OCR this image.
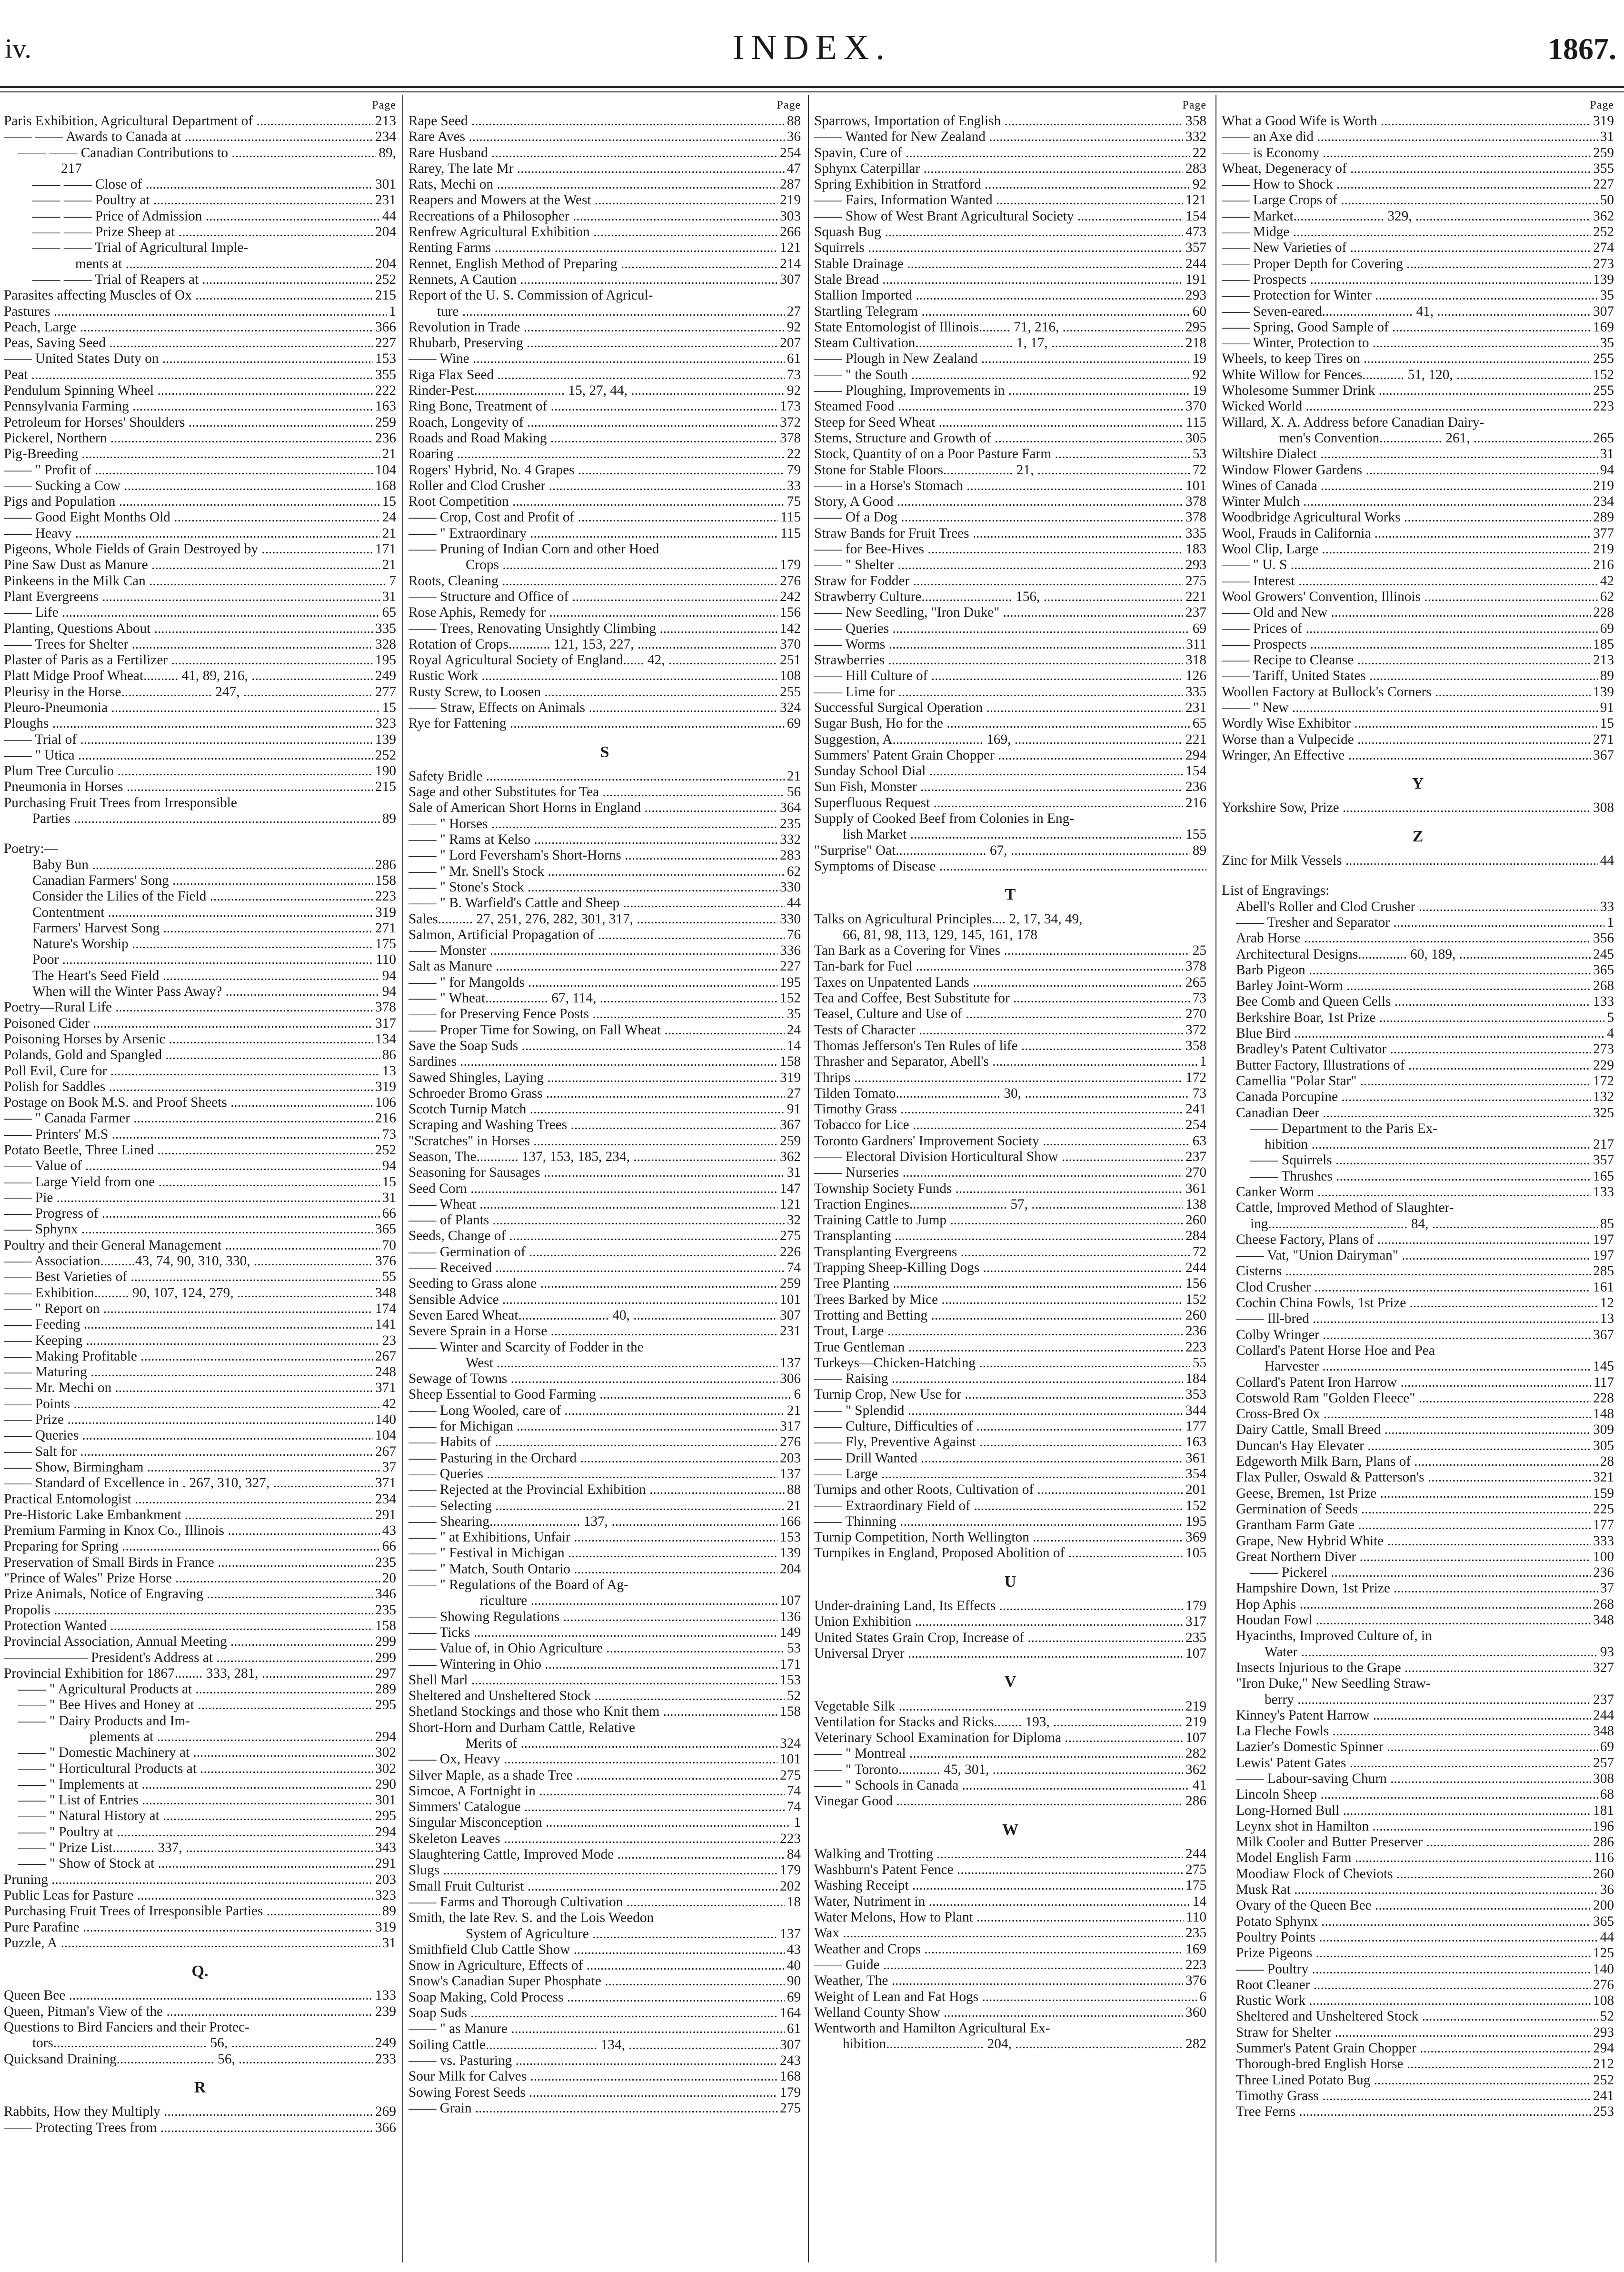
iv.	INDEX.	1867.
Page
Paris Exhibition, Agricultural Department of	213
.....
—— —— Awards to Canada at	234
.....
—— —— Canadian Contributions to	89,
.....
217
—— —— Close of	301
.....
—— —— Poultry at	231
.....
—— —— Price of Admission	44
.....
—— —— Prize Sheep at	204
.....
—— —— Trial of Agricultural Imple-
ments at	204
.....
—— —— Trial of Reapers at	252
.....
Parasites affecting Muscles of Ox	215
.....
Pastures	1
.....
Peach, Large	366
.....
Peas, Saving Seed	227
.....
—— United States Duty on	153
.....
Peat	355
.....
Pendulum Spinning Wheel	222
.....
Pennsylvania Farming	163
.....
Petroleum for Horses' Shoulders	259
.....
Pickerel, Northern	236
.....
Pig-Breeding	21
.....
—— " Profit of	104
.....
—— Sucking a Cow	168
.....
Pigs and Population	15
.....
—— Good Eight Months Old	24
.....
—— Heavy	21
.....
Pigeons, Whole Fields of Grain Destroyed by	171
.....
Pine Saw Dust as Manure	21
.....
Pinkeens in the Milk Can	7
.....
Plant Evergreens	31
.....
—— Life	65
.....
Planting, Questions About	335
.....
—— Trees for Shelter	328
.....
Plaster of Paris as a Fertilizer	195
.....
Platt Midge Proof Wheat.......... 41, 89, 216,	249
.....
Pleurisy in the Horse.......................... 247,	277
.....
Pleuro-Pneumonia	15
.....
Ploughs	323
.....
—— Trial of	139
.....
—— " Utica	252
.....
Plum Tree Curculio	190
.....
Pneumonia in Horses	215
.....
Purchasing Fruit Trees from Irresponsible
Parties	89
.....
Poetry:—
Baby Bun	286
.....
Canadian Farmers' Song	158
.....
Consider the Lilies of the Field	223
.....
Contentment	319
.....
Farmers' Harvest Song	271
.....
Nature's Worship	175
.....
Poor	110
.....
The Heart's Seed Field	94
.....
When will the Winter Pass Away?	94
.....
Poetry—Rural Life	378
.....
Poisoned Cider	317
.....
Poisoning Horses by Arsenic	134
.....
Polands, Gold and Spangled	86
.....
Poll Evil, Cure for	13
.....
Polish for Saddles	319
.....
Postage on Book M.S. and Proof Sheets	106
.....
—— " Canada Farmer	216
.....
—— Printers' M.S	73
.....
Potato Beetle, Three Lined	252
.....
—— Value of	94
.....
—— Large Yield from one	15
.....
—— Pie	31
.....
—— Progress of	66
.....
—— Sphynx	365
.....
Poultry and their General Management	70
.....
—— Association..........43, 74, 90, 310, 330,	376
.....
—— Best Varieties of	55
.....
—— Exhibition.......... 90, 107, 124, 279,	348
.....
—— " Report on	174
.....
—— Feeding	141
.....
—— Keeping	23
.....
—— Making Profitable	267
.....
—— Maturing	248
.....
—— Mr. Mechi on	371
.....
—— Points	42
.....
—— Prize	140
.....
—— Queries	104
.....
—— Salt for	267
.....
—— Show, Birmingham	37
.....
—— Standard of Excellence in . 267, 310, 327,	371
.....
Practical Entomologist	234
.....
Pre-Historic Lake Embankment	291
.....
Premium Farming in Knox Co., Illinois	43
.....
Preparing for Spring	66
.....
Preservation of Small Birds in France	235
.....
"Prince of Wales" Prize Horse	20
.....
Prize Animals, Notice of Engraving	346
.....
Propolis	235
.....
Protection Wanted	158
.....
Provincial Association, Annual Meeting	299
.....
—————— President's Address at	299
.....
Provincial Exhibition for 1867........ 333, 281,	297
.....
—— " Agricultural Products at	289
.....
—— " Bee Hives and Honey at	295
.....
—— " Dairy Products and Im-
plements at	294
.....
—— " Domestic Machinery at	302
.....
—— " Horticultural Products at	302
.....
—— " Implements at	290
.....
—— " List of Entries	301
.....
—— " Natural History at	295
.....
—— " Poultry at	294
.....
—— " Prize List............ 337,	343
.....
—— " Show of Stock at	291
.....
Pruning	203
.....
Public Leas for Pasture	323
.....
Purchasing Fruit Trees of Irresponsible Parties	89
.....
Pure Parafine	319
.....
Puzzle, A	31
.....
Q.
Queen Bee	133
.....
Queen, Pitman's View of the	239
.....
Questions to Bird Fanciers and their Protec-
tors............................................ 56,	249
.....
Quicksand Draining............................ 56,	233
.....
R
Rabbits, How they Multiply	269
.....
—— Protecting Trees from	366
.....
Page
Rape Seed	88
.....
Rare Aves	36
.....
Rare Husband	254
.....
Rarey, The late Mr	47
.....
Rats, Mechi on	287
.....
Reapers and Mowers at the West	219
.....
Recreations of a Philosopher	303
.....
Renfrew Agricultural Exhibition	266
.....
Renting Farms	121
.....
Rennet, English Method of Preparing	214
.....
Rennets, A Caution	307
.....
Report of the U. S. Commission of Agricul-
ture	27
.....
Revolution in Trade	92
.....
Rhubarb, Preserving	207
.....
—— Wine	61
.....
Riga Flax Seed	73
.....
Rinder-Pest.......................... 15, 27, 44,	92
.....
Ring Bone, Treatment of	173
.....
Roach, Longevity of	372
.....
Roads and Road Making	378
.....
Roaring	22
.....
Rogers' Hybrid, No. 4 Grapes	79
.....
Roller and Clod Crusher	33
.....
Root Competition	75
.....
—— Crop, Cost and Profit of	115
.....
—— " Extraordinary	115
.....
—— Pruning of Indian Corn and other Hoed
Crops	179
.....
Roots, Cleaning	276
.....
—— Structure and Office of	242
.....
Rose Aphis, Remedy for	156
.....
—— Trees, Renovating Unsightly Climbing	142
.....
Rotation of Crops............ 121, 153, 227,	370
.....
Royal Agricultural Society of England...... 42,	251
.....
Rustic Work	108
.....
Rusty Screw, to Loosen	255
.....
—— Straw, Effects on Animals	324
.....
Rye for Fattening	69
.....
S
Safety Bridle	21
.....
Sage and other Substitutes for Tea	56
.....
Sale of American Short Horns in England	364
.....
—— " Horses	235
.....
—— " Rams at Kelso	332
.....
—— " Lord Feversham's Short-Horns	283
.....
—— " Mr. Snell's Stock	62
.....
—— " Stone's Stock	330
.....
—— " B. Warfield's Cattle and Sheep	44
.....
Sales.......... 27, 251, 276, 282, 301, 317,	330
.....
Salmon, Artificial Propagation of	76
.....
—— Monster	336
.....
Salt as Manure	227
.....
—— " for Mangolds	195
.....
—— " Wheat.................. 67, 114,	152
.....
—— for Preserving Fence Posts	35
.....
—— Proper Time for Sowing, on Fall Wheat	24
.....
Save the Soap Suds	14
.....
Sardines	158
.....
Sawed Shingles, Laying	319
.....
Schroeder Bromo Grass	27
.....
Scotch Turnip Match	91
.....
Scraping and Washing Trees	367
.....
"Scratches" in Horses	259
.....
Season, The............ 137, 153, 185, 234,	362
.....
Seasoning for Sausages	31
.....
Seed Corn	147
.....
—— Wheat	121
.....
—— of Plants	32
.....
Seeds, Change of	275
.....
—— Germination of	226
.....
—— Received	74
.....
Seeding to Grass alone	259
.....
Sensible Advice	101
.....
Seven Eared Wheat.......................... 40,	307
.....
Severe Sprain in a Horse	231
.....
—— Winter and Scarcity of Fodder in the
West	137
.....
Sewage of Towns	306
.....
Sheep Essential to Good Farming	6
.....
—— Long Wooled, care of	21
.....
—— for Michigan	317
.....
—— Habits of	276
.....
—— Pasturing in the Orchard	203
.....
—— Queries	137
.....
—— Rejected at the Provincial Exhibition	88
.....
—— Selecting	21
.....
—— Shearing.......................... 137,	166
.....
—— " at Exhibitions, Unfair	153
.....
—— " Festival in Michigan	139
.....
—— " Match, South Ontario	204
.....
—— " Regulations of the Board of Ag-
riculture	107
.....
—— Showing Regulations	136
.....
—— Ticks	149
.....
—— Value of, in Ohio Agriculture	53
.....
—— Wintering in Ohio	171
.....
Shell Marl	153
.....
Sheltered and Unsheltered Stock	52
.....
Shetland Stockings and those who Knit them	158
.....
Short-Horn and Durham Cattle, Relative
Merits of	324
.....
—— Ox, Heavy	101
.....
Silver Maple, as a shade Tree	275
.....
Simcoe, A Fortnight in	74
.....
Simmers' Catalogue	74
.....
Singular Misconception	1
.....
Skeleton Leaves	223
.....
Slaughtering Cattle, Improved Mode	84
.....
Slugs	179
.....
Small Fruit Culturist	202
.....
—— Farms and Thorough Cultivation	18
.....
Smith, the late Rev. S. and the Lois Weedon
System of Agriculture	137
.....
Smithfield Club Cattle Show	43
.....
Snow in Agriculture, Effects of	40
.....
Snow's Canadian Super Phosphate	90
.....
Soap Making, Cold Process	69
.....
Soap Suds	164
.....
—— " as Manure	61
.....
Soiling Cattle................................ 134,	307
.....
—— vs. Pasturing	243
.....
Sour Milk for Calves	168
.....
Sowing Forest Seeds	179
.....
—— Grain	275
.....
Page
Sparrows, Importation of English	358
.....
—— Wanted for New Zealand	332
.....
Spavin, Cure of	22
.....
Sphynx Caterpillar	283
.....
Spring Exhibition in Stratford	92
.....
—— Fairs, Information Wanted	121
.....
—— Show of West Brant Agricultural Society	154
.....
Squash Bug	473
.....
Squirrels	357
.....
Stable Drainage	244
.....
Stale Bread	191
.....
Stallion Imported	293
.....
Startling Telegram	60
.....
State Entomologist of Illinois......... 71, 216,	295
.....
Steam Cultivation............................ 1, 17,	218
.....
—— Plough in New Zealand	19
.....
—— " the South	92
.....
—— Ploughing, Improvements in	19
.....
Steamed Food	370
.....
Steep for Seed Wheat	115
.....
Stems, Structure and Growth of	305
.....
Stock, Quantity of on a Poor Pasture Farm	53
.....
Stone for Stable Floors.................... 21,	72
.....
—— in a Horse's Stomach	101
.....
Story, A Good	378
.....
—— Of a Dog	378
.....
Straw Bands for Fruit Trees	335
.....
—— for Bee-Hives	183
.....
—— " Shelter	293
.....
Straw for Fodder	275
.....
Strawberry Culture.......................... 156,	221
.....
—— New Seedling, "Iron Duke"	237
.....
—— Queries	69
.....
—— Worms	311
.....
Strawberries	318
.....
—— Hill Culture of	126
.....
—— Lime for	335
.....
Successful Surgical Operation	231
.....
Sugar Bush, Ho for the	65
.....
Suggestion, A.......................... 169,	221
.....
Summers' Patent Grain Chopper	294
.....
Sunday School Dial	154
.....
Sun Fish, Monster	236
.....
Superfluous Request	216
.....
Supply of Cooked Beef from Colonies in Eng-
lish Market	155
.....
"Surprise" Oat.......................... 67,	89
.....
Symptoms of Disease
.....
T
Talks on Agricultural Principles.... 2, 17, 34, 49,
66, 81, 98, 113, 129, 145, 161, 178
Tan Bark as a Covering for Vines	25
.....
Tan-bark for Fuel	378
.....
Taxes on Unpatented Lands	265
.....
Tea and Coffee, Best Substitute for	73
.....
Teasel, Culture and Use of	270
.....
Tests of Character	372
.....
Thomas Jefferson's Ten Rules of life	358
.....
Thrasher and Separator, Abell's	1
.....
Thrips	172
.....
Tilden Tomato.............................. 30,	73
.....
Timothy Grass	241
.....
Tobacco for Lice	254
.....
Toronto Gardners' Improvement Society	63
.....
—— Electoral Division Horticultural Show	237
.....
—— Nurseries	270
.....
Township Society Funds	361
.....
Traction Engines............................ 57,	138
.....
Training Cattle to Jump	260
.....
Transplanting	284
.....
Transplanting Evergreens	72
.....
Trapping Sheep-Killing Dogs	244
.....
Tree Planting	156
.....
Trees Barked by Mice	152
.....
Trotting and Betting	260
.....
Trout, Large	236
.....
True Gentleman	223
.....
Turkeys—Chicken-Hatching	55
.....
—— Raising	184
.....
Turnip Crop, New Use for	353
.....
—— " Splendid	344
.....
—— Culture, Difficulties of	177
.....
—— Fly, Preventive Against	163
.....
—— Drill Wanted	361
.....
—— Large	354
.....
Turnips and other Roots, Cultivation of	201
.....
—— Extraordinary Field of	152
.....
—— Thinning	195
.....
Turnip Competition, North Wellington	369
.....
Turnpikes in England, Proposed Abolition of	105
.....
U
Under-draining Land, Its Effects	179
.....
Union Exhibition	317
.....
United States Grain Crop, Increase of	235
.....
Universal Dryer	107
.....
V
Vegetable Silk	219
.....
Ventilation for Stacks and Ricks........ 193,	219
.....
Veterinary School Examination for Diploma	107
.....
—— " Montreal	282
.....
—— " Toronto............ 45, 301,	362
.....
—— " Schools in Canada	41
.....
Vinegar Good	286
.....
W
Walking and Trotting	244
.....
Washburn's Patent Fence	275
.....
Washing Receipt	175
.....
Water, Nutriment in	14
.....
Water Melons, How to Plant	110
.....
Wax	235
.....
Weather and Crops	169
.....
—— Guide	223
.....
Weather, The	376
.....
Weight of Lean and Fat Hogs	6
.....
Welland County Show	360
.....
Wentworth and Hamilton Agricultural Ex-
hibition............................ 204,	282
.....
Page
What a Good Wife is Worth	319
.....
—— an Axe did	31
.....
—— is Economy	259
.....
Wheat, Degeneracy of	355
.....
—— How to Shock	227
.....
—— Large Crops of	50
.....
—— Market.......................... 329,	362
.....
—— Midge	252
.....
—— New Varieties of	274
.....
—— Proper Depth for Covering	273
.....
—— Prospects	139
.....
—— Protection for Winter	35
.....
—— Seven-eared.......................... 41,	307
.....
—— Spring, Good Sample of	169
.....
—— Winter, Protection to	35
.....
Wheels, to keep Tires on	255
.....
White Willow for Fences............ 51, 120,	152
.....
Wholesome Summer Drink	255
.....
Wicked World	223
.....
Willard, X. A. Address before Canadian Dairy-
men's Convention.................. 261,	265
.....
Wiltshire Dialect	31
.....
Window Flower Gardens	94
.....
Wines of Canada	219
.....
Winter Mulch	234
.....
Woodbridge Agricultural Works	289
.....
Wool, Frauds in California	377
.....
Wool Clip, Large	219
.....
—— " U. S	216
.....
—— Interest	42
.....
Wool Growers' Convention, Illinois	62
.....
—— Old and New	228
.....
—— Prices of	69
.....
—— Prospects	185
.....
—— Recipe to Cleanse	213
.....
—— Tariff, United States	89
.....
Woollen Factory at Bullock's Corners	139
.....
—— " New	91
.....
Wordly Wise Exhibitor	15
.....
Worse than a Vulpecide	271
.....
Wringer, An Effective	367
.....
Y
Yorkshire Sow, Prize	308
.....
Z
Zinc for Milk Vessels	44
.....
List of Engravings:
Abell's Roller and Clod Crusher	33
.....
—— Tresher and Separator	1
.....
Arab Horse	356
.....
Architectural Designs.............. 60, 189,	245
.....
Barb Pigeon	365
.....
Barley Joint-Worm	268
.....
Bee Comb and Queen Cells	133
.....
Berkshire Boar, 1st Prize	5
.....
Blue Bird	4
.....
Bradley's Patent Cultivator	273
.....
Butter Factory, Illustrations of	229
.....
Camellia "Polar Star"	172
.....
Canada Porcupine	132
.....
Canadian Deer	325
.....
—— Department to the Paris Ex-
hibition	217
.....
—— Squirrels	357
.....
—— Thrushes	165
.....
Canker Worm	133
.....
Cattle, Improved Method of Slaughter-
ing........................................ 84,	85
.....
Cheese Factory, Plans of	197
.....
—— Vat, "Union Dairyman"	197
.....
Cisterns	285
.....
Clod Crusher	161
.....
Cochin China Fowls, 1st Prize	12
.....
—— Ill-bred	13
.....
Colby Wringer	367
.....
Collard's Patent Horse Hoe and Pea
Harvester	145
.....
Collard's Patent Iron Harrow	117
.....
Cotswold Ram "Golden Fleece"	228
.....
Cross-Bred Ox	148
.....
Dairy Cattle, Small Breed	309
.....
Duncan's Hay Elevater	305
.....
Edgeworth Milk Barn, Plans of	28
.....
Flax Puller, Oswald & Patterson's	321
.....
Geese, Bremen, 1st Prize	159
.....
Germination of Seeds	225
.....
Grantham Farm Gate	177
.....
Grape, New Hybrid White	333
.....
Great Northern Diver	100
.....
—— Pickerel	236
.....
Hampshire Down, 1st Prize	37
.....
Hop Aphis	268
.....
Houdan Fowl	348
.....
Hyacinths, Improved Culture of, in
Water	93
.....
Insects Injurious to the Grape	327
.....
"Iron Duke," New Seedling Straw-
berry	237
.....
Kinney's Patent Harrow	244
.....
La Fleche Fowls	348
.....
Lazier's Domestic Spinner	69
.....
Lewis' Patent Gates	257
.....
—— Labour-saving Churn	308
.....
Lincoln Sheep	68
.....
Long-Horned Bull	181
.....
Leynx shot in Hamilton	196
.....
Milk Cooler and Butter Preserver	286
.....
Model English Farm	116
.....
Moodiaw Flock of Cheviots	260
.....
Musk Rat	36
.....
Ovary of the Queen Bee	200
.....
Potato Sphynx	365
.....
Poultry Points	44
.....
Prize Pigeons	125
.....
—— Poultry	140
.....
Root Cleaner	276
.....
Rustic Work	108
.....
Sheltered and Unsheltered Stock	52
.....
Straw for Shelter	293
.....
Summer's Patent Grain Chopper	294
.....
Thorough-bred English Horse	212
.....
Three Lined Potato Bug	252
.....
Timothy Grass	241
.....
Tree Ferns	253
.....
